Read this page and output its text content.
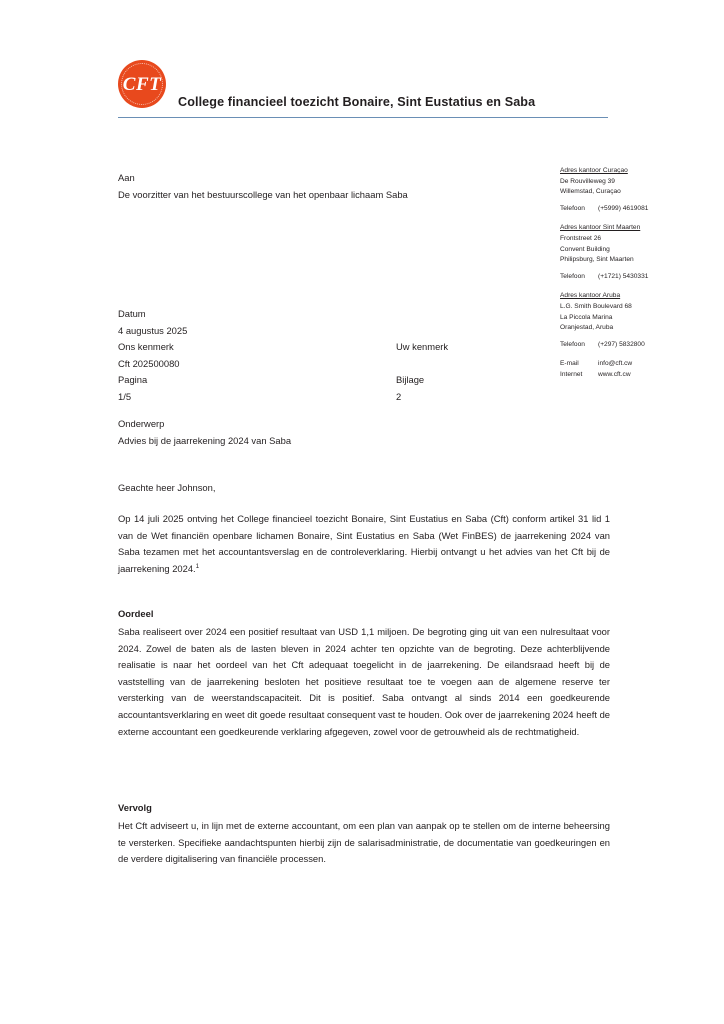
CFT
College financieel toezicht Bonaire, Sint Eustatius en Saba
Adres kantoor Curaçao
De Rouvilleweg 39
Willemstad, Curaçao
Telefoon (+5999) 4619081
Adres kantoor Sint Maarten
Frontstreet 26
Convent Building
Philipsburg, Sint Maarten
Telefoon (+1721) 5430331
Adres kantoor Aruba
L.G. Smith Boulevard 68
La Piccola Marina
Oranjestad, Aruba
Telefoon (+297) 5832800
E-mail	info@cft.cw
Internet www.cft.cw
Aan
De voorzitter van het bestuurscollege van het openbaar lichaam Saba
Datum
4 augustus 2025
Ons kenmerk	Uw kenmerk
Cft 202500080
Pagina	Bijlage
1/5	2
Onderwerp
Advies bij de jaarrekening 2024 van Saba
Geachte heer Johnson,
Op 14 juli 2025 ontving het College financieel toezicht Bonaire, Sint Eustatius en Saba (Cft) conform artikel 31 lid 1 van de Wet financiën openbare lichamen Bonaire, Sint Eustatius en Saba (Wet FinBES) de jaarrekening 2024 van Saba tezamen met het accountantsverslag en de controleverklaring. Hierbij ontvangt u het advies van het Cft bij de jaarrekening 2024.$^1$
Oordeel
Saba realiseert over 2024 een positief resultaat van USD 1,1 miljoen. De begroting ging uit van een nulresultaat voor 2024. Zowel de baten als de lasten bleven in 2024 achter ten opzichte van de begroting. Deze achterblijvende realisatie is naar het oordeel van het Cft adequaat toegelicht in de jaarrekening. De eilandsraad heeft bij de vaststelling van de jaarrekening besloten het positieve resultaat toe te voegen aan de algemene reserve ter versterking van de weerstandscapaciteit. Dit is positief. Saba ontvangt al sinds 2014 een goedkeurende accountantsverklaring en weet dit goede resultaat consequent vast te houden. Ook over de jaarrekening 2024 heeft de externe accountant een goedkeurende verklaring afgegeven, zowel voor de getrouwheid als de rechtmatigheid.
Vervolg
Het Cft adviseert u, in lijn met de externe accountant, om een plan van aanpak op te stellen om de interne beheersing te versterken. Specifieke aandachtspunten hierbij zijn de salarisadministratie, de documentatie van goedkeuringen en de verdere digitalisering van financiële processen.
